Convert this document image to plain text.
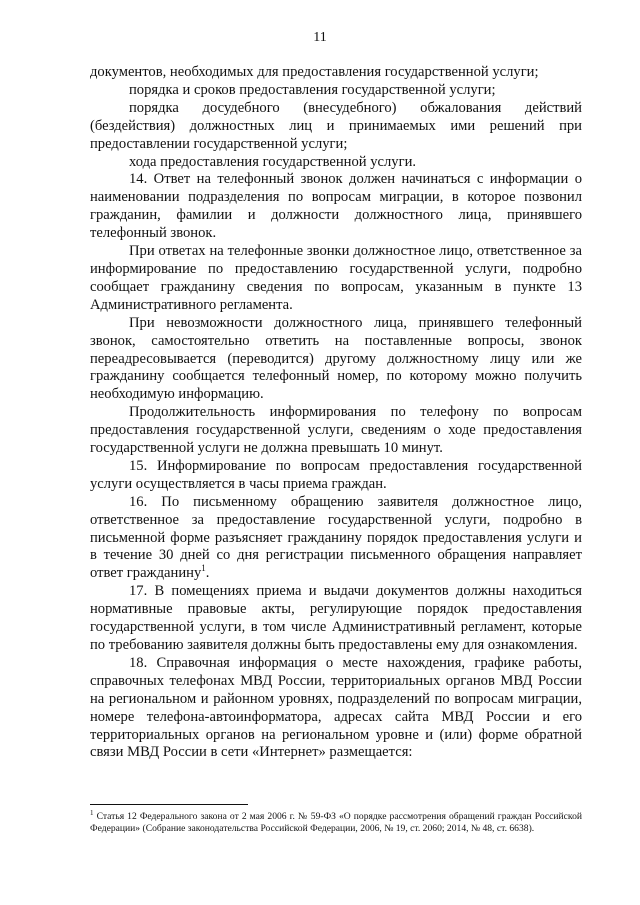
11

документов, необходимых для предоставления государственной услуги;

порядка и сроков предоставления государственной услуги;

порядка досудебного (внесудебного) обжалования действий (бездействия) должностных лиц и принимаемых ими решений при предоставлении государственной услуги;

хода предоставления государственной услуги.

14. Ответ на телефонный звонок должен начинаться с информации о наименовании подразделения по вопросам миграции, в которое позвонил гражданин, фамилии и должности должностного лица, принявшего телефонный звонок.

При ответах на телефонные звонки должностное лицо, ответственное за информирование по предоставлению государственной услуги, подробно сообщает гражданину сведения по вопросам, указанным в пункте 13 Административного регламента.

При невозможности должностного лица, принявшего телефонный звонок, самостоятельно ответить на поставленные вопросы, звонок переадресовывается (переводится) другому должностному лицу или же гражданину сообщается телефонный номер, по которому можно получить необходимую информацию.

Продолжительность информирования по телефону по вопросам предоставления государственной услуги, сведениям о ходе предоставления государственной услуги не должна превышать 10 минут.

15. Информирование по вопросам предоставления государственной услуги осуществляется в часы приема граждан.

16. По письменному обращению заявителя должностное лицо, ответственное за предоставление государственной услуги, подробно в письменной форме разъясняет гражданину порядок предоставления услуги и в течение 30 дней со дня регистрации письменного обращения направляет ответ гражданину$^1$.

17. В помещениях приема и выдачи документов должны находиться нормативные правовые акты, регулирующие порядок предоставления государственной услуги, в том числе Административный регламент, которые по требованию заявителя должны быть предоставлены ему для ознакомления.

18. Справочная информация о месте нахождения, графике работы, справочных телефонах МВД России, территориальных органов МВД России на региональном и районном уровнях, подразделений по вопросам миграции, номере телефона-автоинформатора, адресах сайта МВД России и его территориальных органов на региональном уровне и (или) форме обратной связи МВД России в сети «Интернет» размещается:

$^1$ Статья 12 Федерального закона от 2 мая 2006 г. № 59-ФЗ «О порядке рассмотрения обращений граждан Российской Федерации» (Собрание законодательства Российской Федерации, 2006, № 19, ст. 2060; 2014, № 48, ст. 6638).
